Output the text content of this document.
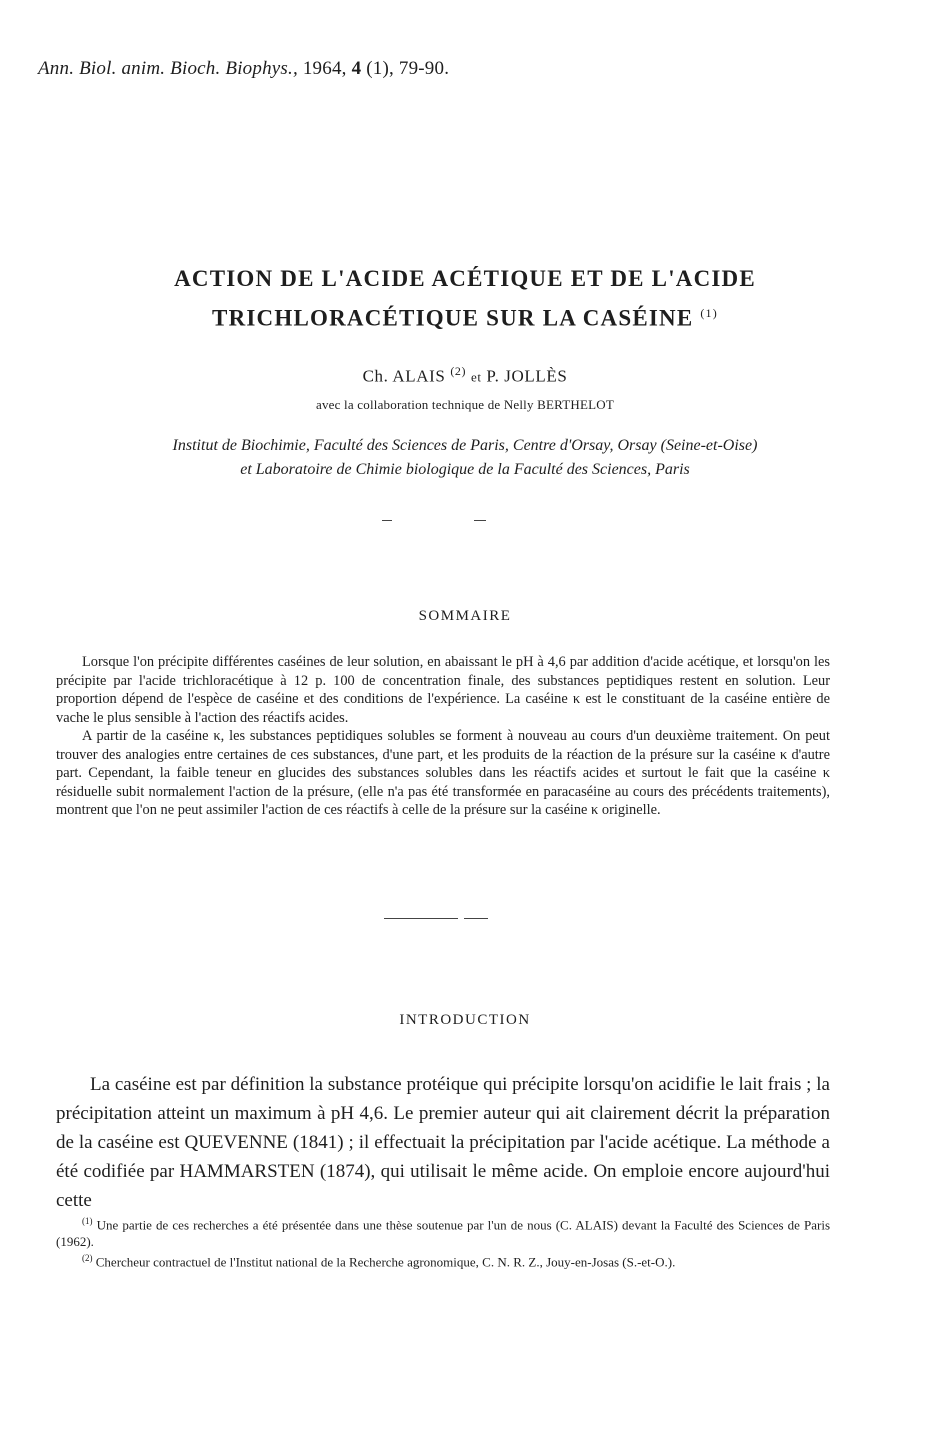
Ann. Biol. anim. Bioch. Biophys., 1964, 4 (1), 79-90.
ACTION DE L'ACIDE ACÉTIQUE ET DE L'ACIDE
TRICHLORACÉTIQUE SUR LA CASÉINE $^{(1)}$
Ch. ALAIS $^{(2)}$ et P. JOLLÈS
avec la collaboration technique de Nelly BERTHELOT
Institut de Biochimie, Faculté des Sciences de Paris, Centre d'Orsay, Orsay (Seine-et-Oise)
et Laboratoire de Chimie biologique de la Faculté des Sciences, Paris
SOMMAIRE

Lorsque l'on précipite différentes caséines de leur solution, en abaissant le pH à 4,6 par addition d'acide acétique, et lorsqu'on les précipite par l'acide trichloracétique à 12 p. 100 de concentration finale, des substances peptidiques restent en solution. Leur proportion dépend de l'espèce de caséine et des conditions de l'expérience. La caséine κ est le constituant de la caséine entière de vache le plus sensible à l'action des réactifs acides.

A partir de la caséine κ, les substances peptidiques solubles se forment à nouveau au cours d'un deuxième traitement. On peut trouver des analogies entre certaines de ces substances, d'une part, et les produits de la réaction de la présure sur la caséine κ d'autre part. Cependant, la faible teneur en glucides des substances solubles dans les réactifs acides et surtout le fait que la caséine κ résiduelle subit normalement l'action de la présure, (elle n'a pas été transformée en paracaséine au cours des précédents traitements), montrent que l'on ne peut assimiler l'action de ces réactifs à celle de la présure sur la caséine κ originelle.

INTRODUCTION

La caséine est par définition la substance protéique qui précipite lorsqu'on acidifie le lait frais ; la précipitation atteint un maximum à pH 4,6. Le premier auteur qui ait clairement décrit la préparation de la caséine est QUEVENNE (1841) ; il effectuait la précipitation par l'acide acétique. La méthode a été codifiée par HAMMARSTEN (1874), qui utilisait le même acide. On emploie encore aujourd'hui cette

$^{(1)}$ Une partie de ces recherches a été présentée dans une thèse soutenue par l'un de nous (C. ALAIS) devant la Faculté des Sciences de Paris (1962).

$^{(2)}$ Chercheur contractuel de l'Institut national de la Recherche agronomique, C. N. R. Z., Jouy-en-Josas (S.-et-O.).
